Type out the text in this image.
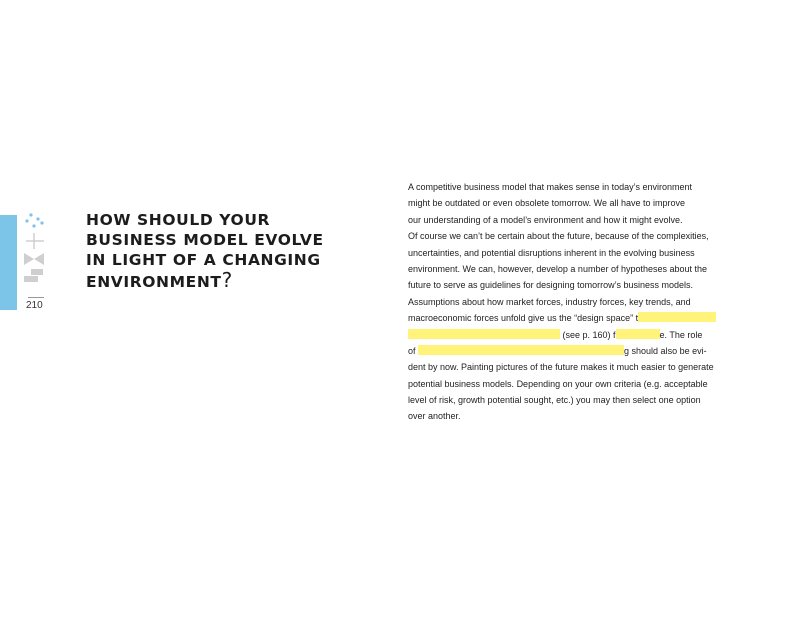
210
HOW SHOULD YOUR
BUSINESS MODEL EVOLVE
IN LIGHT OF A CHANGING
ENVIRONMENT?
A competitive business model that makes sense in today’s environment
might be outdated or even obsolete tomorrow. We all have to improve
our understanding of a model’s environment and how it might evolve.
Of course we can’t be certain about the future, because of the complexities,
uncertainties, and potential disruptions inherent in the evolving business
environment. We can, however, develop a number of hypotheses about the
future to serve as guidelines for designing tomorrow’s business models.
Assumptions about how market forces, industry forces, key trends, and
macroeconomic forces unfold give us the “design space” t
(see p. 160) f	e. The role
of	g should also be evi-
dent by now. Painting pictures of the future makes it much easier to generate
potential business models. Depending on your own criteria (e.g. acceptable
level of risk, growth potential sought, etc.) you may then select one option
over another.
